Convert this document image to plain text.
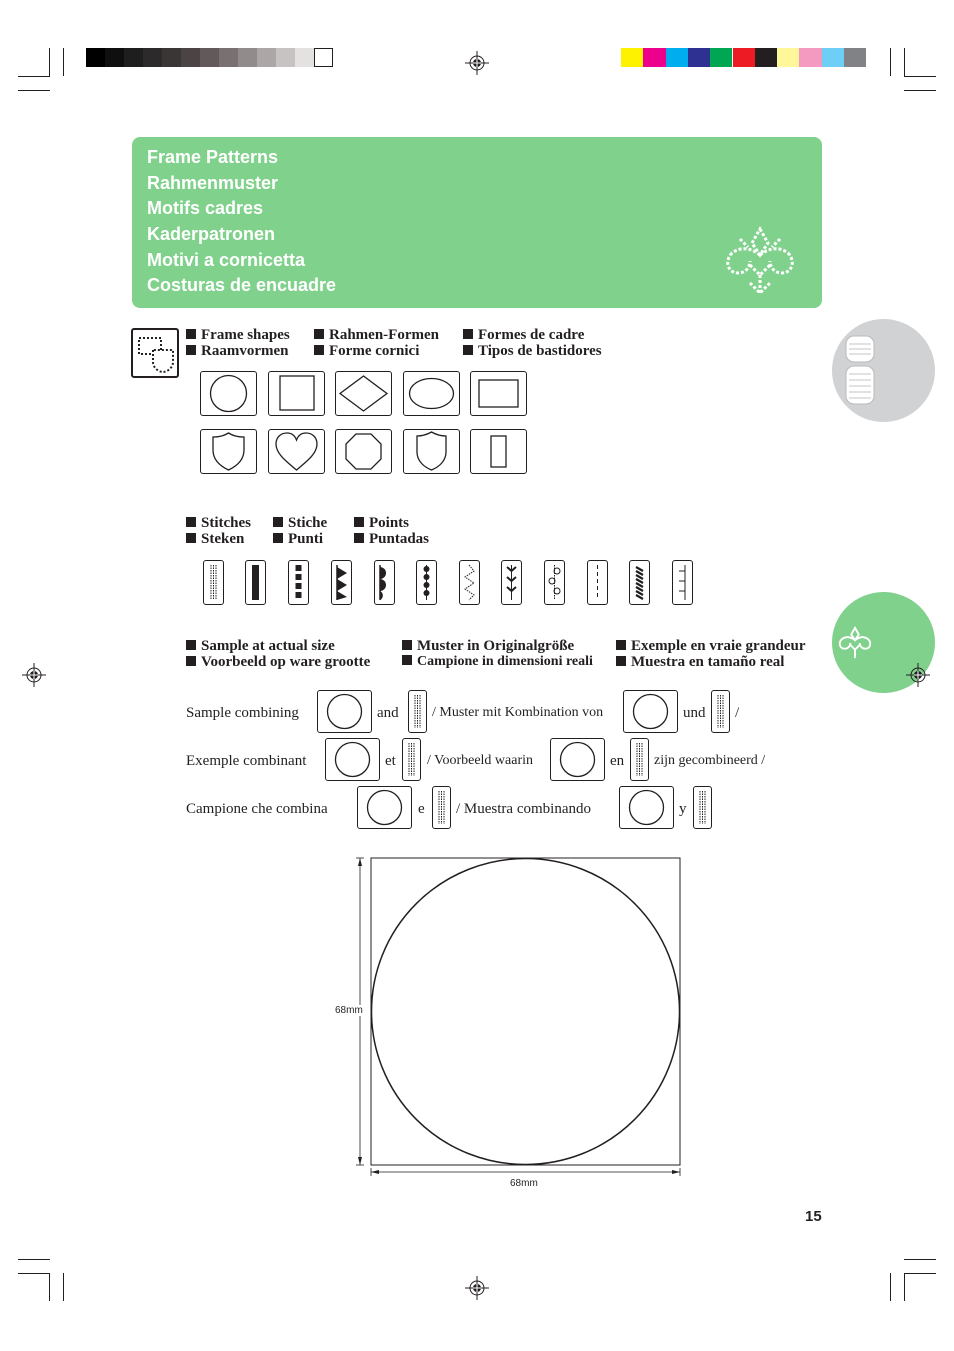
Frame Patterns
Rahmenmuster
Motifs cadres
Kaderpatronen
Motivi a cornicetta
Costuras de encuadre
Frame shapes	Rahmen-Formen	Formes de cadre
Raamvormen	Forme cornici	Tipos de bastidores
Stitches	Stiche	Points
Steken	Punti	Puntadas
Sample at actual size	Muster in Originalgröße	Exemple en vraie grandeur
Voorbeeld op ware grootte	Campione in dimensioni reali	Muestra en tamaño real
Sample combining	and / Muster mit Kombination von	und /
Exemple combinant	et / Voorbeeld waarin	en zijn gecombineerd /
Campione che combina	e / Muestra combinando	y
68mm
68mm
15
